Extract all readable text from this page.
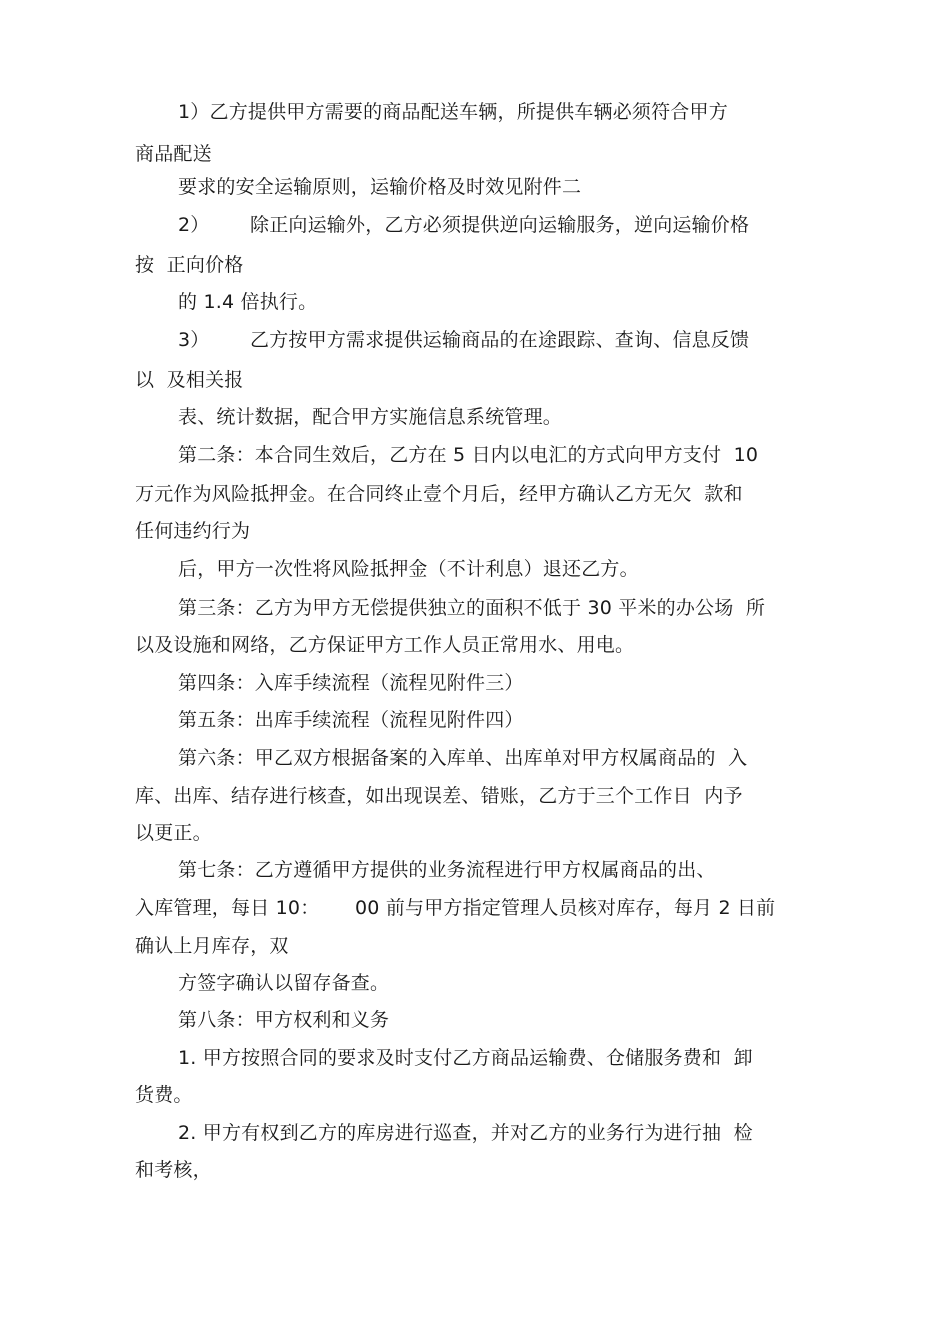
1）乙方提供甲方需要的商品配送车辆，所提供车辆必须符合甲方
商品配送
要求的安全运输原则，运输价格及时效见附件二
2） 除正向运输外，乙方必须提供逆向运输服务，逆向运输价格
按  正向价格
的 1.4 倍执行。
3） 乙方按甲方需求提供运输商品的在途跟踪、查询、信息反馈
以  及相关报
表、统计数据，配合甲方实施信息系统管理。
第二条：本合同生效后，乙方在 5 日内以电汇的方式向甲方支付  10
万元作为风险抵押金。在合同终止壹个月后，经甲方确认乙方无欠  款和
任何违约行为
后，甲方一次性将风险抵押金（不计利息）退还乙方。
第三条：乙方为甲方无偿提供独立的面积不低于 30 平米的办公场  所
以及设施和网络，乙方保证甲方工作人员正常用水、用电。
第四条：入库手续流程（流程见附件三）
第五条：出库手续流程（流程见附件四）
第六条：甲乙双方根据备案的入库单、出库单对甲方权属商品的  入
库、出库、结存进行核查，如出现误差、错账，乙方于三个工作日  内予
以更正。
第七条：乙方遵循甲方提供的业务流程进行甲方权属商品的出、
入库管理，每日 10： 00 前与甲方指定管理人员核对库存，每月 2 日前
确认上月库存，双
方签字确认以留存备查。
第八条：甲方权利和义务
1. 甲方按照合同的要求及时支付乙方商品运输费、仓储服务费和  卸
货费。
2. 甲方有权到乙方的库房进行巡查，并对乙方的业务行为进行抽  检
和考核，
